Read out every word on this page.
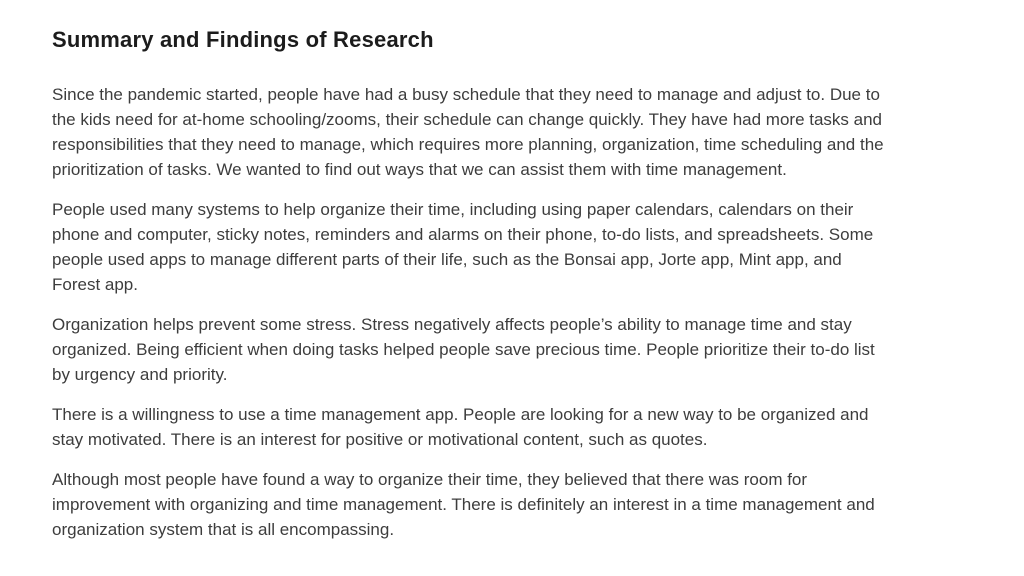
Summary and Findings of Research
Since the pandemic started, people have had a busy schedule that they need to manage and adjust to. Due to
the kids need for at-home schooling/zooms, their schedule can change quickly. They have had more tasks and
responsibilities that they need to manage, which requires more planning, organization, time scheduling and the
prioritization of tasks. We wanted to find out ways that we can assist them with time management.
People used many systems to help organize their time, including using paper calendars, calendars on their
phone and computer, sticky notes, reminders and alarms on their phone, to-do lists, and spreadsheets. Some
people used apps to manage different parts of their life, such as the Bonsai app, Jorte app, Mint app, and
Forest app.
Organization helps prevent some stress. Stress negatively affects people’s ability to manage time and stay
organized. Being efficient when doing tasks helped people save precious time. People prioritize their to-do list
by urgency and priority.
There is a willingness to use a time management app. People are looking for a new way to be organized and
stay motivated. There is an interest for positive or motivational content, such as quotes.
Although most people have found a way to organize their time, they believed that there was room for
improvement with organizing and time management. There is definitely an interest in a time management and
organization system that is all encompassing.
